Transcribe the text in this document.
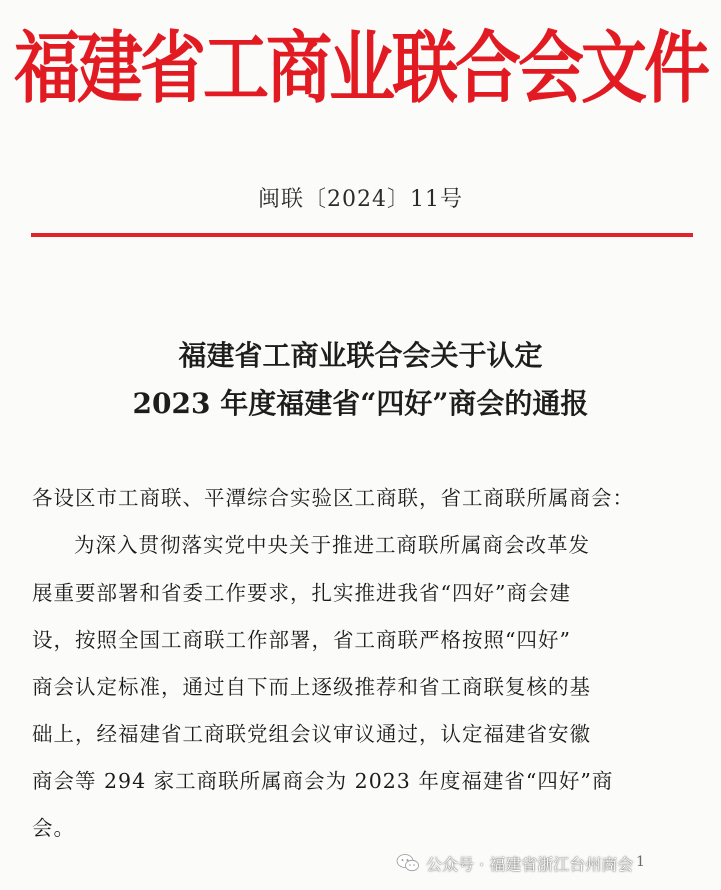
福建省工商业联合会文件
闽联〔2024〕11号
福建省工商业联合会关于认定
2023 年度福建省“四好”商会的通报
各设区市工商联、平潭综合实验区工商联，省工商联所属商会：
为深入贯彻落实党中央关于推进工商联所属商会改革发
展重要部署和省委工作要求，扎实推进我省“四好”商会建
设，按照全国工商联工作部署，省工商联严格按照“四好”
商会认定标准，通过自下而上逐级推荐和省工商联复核的基
础上，经福建省工商联党组会议审议通过，认定福建省安徽
商会等 294 家工商联所属商会为 2023 年度福建省“四好”商
会。
1
公众号 · 福建省浙江台州商会
